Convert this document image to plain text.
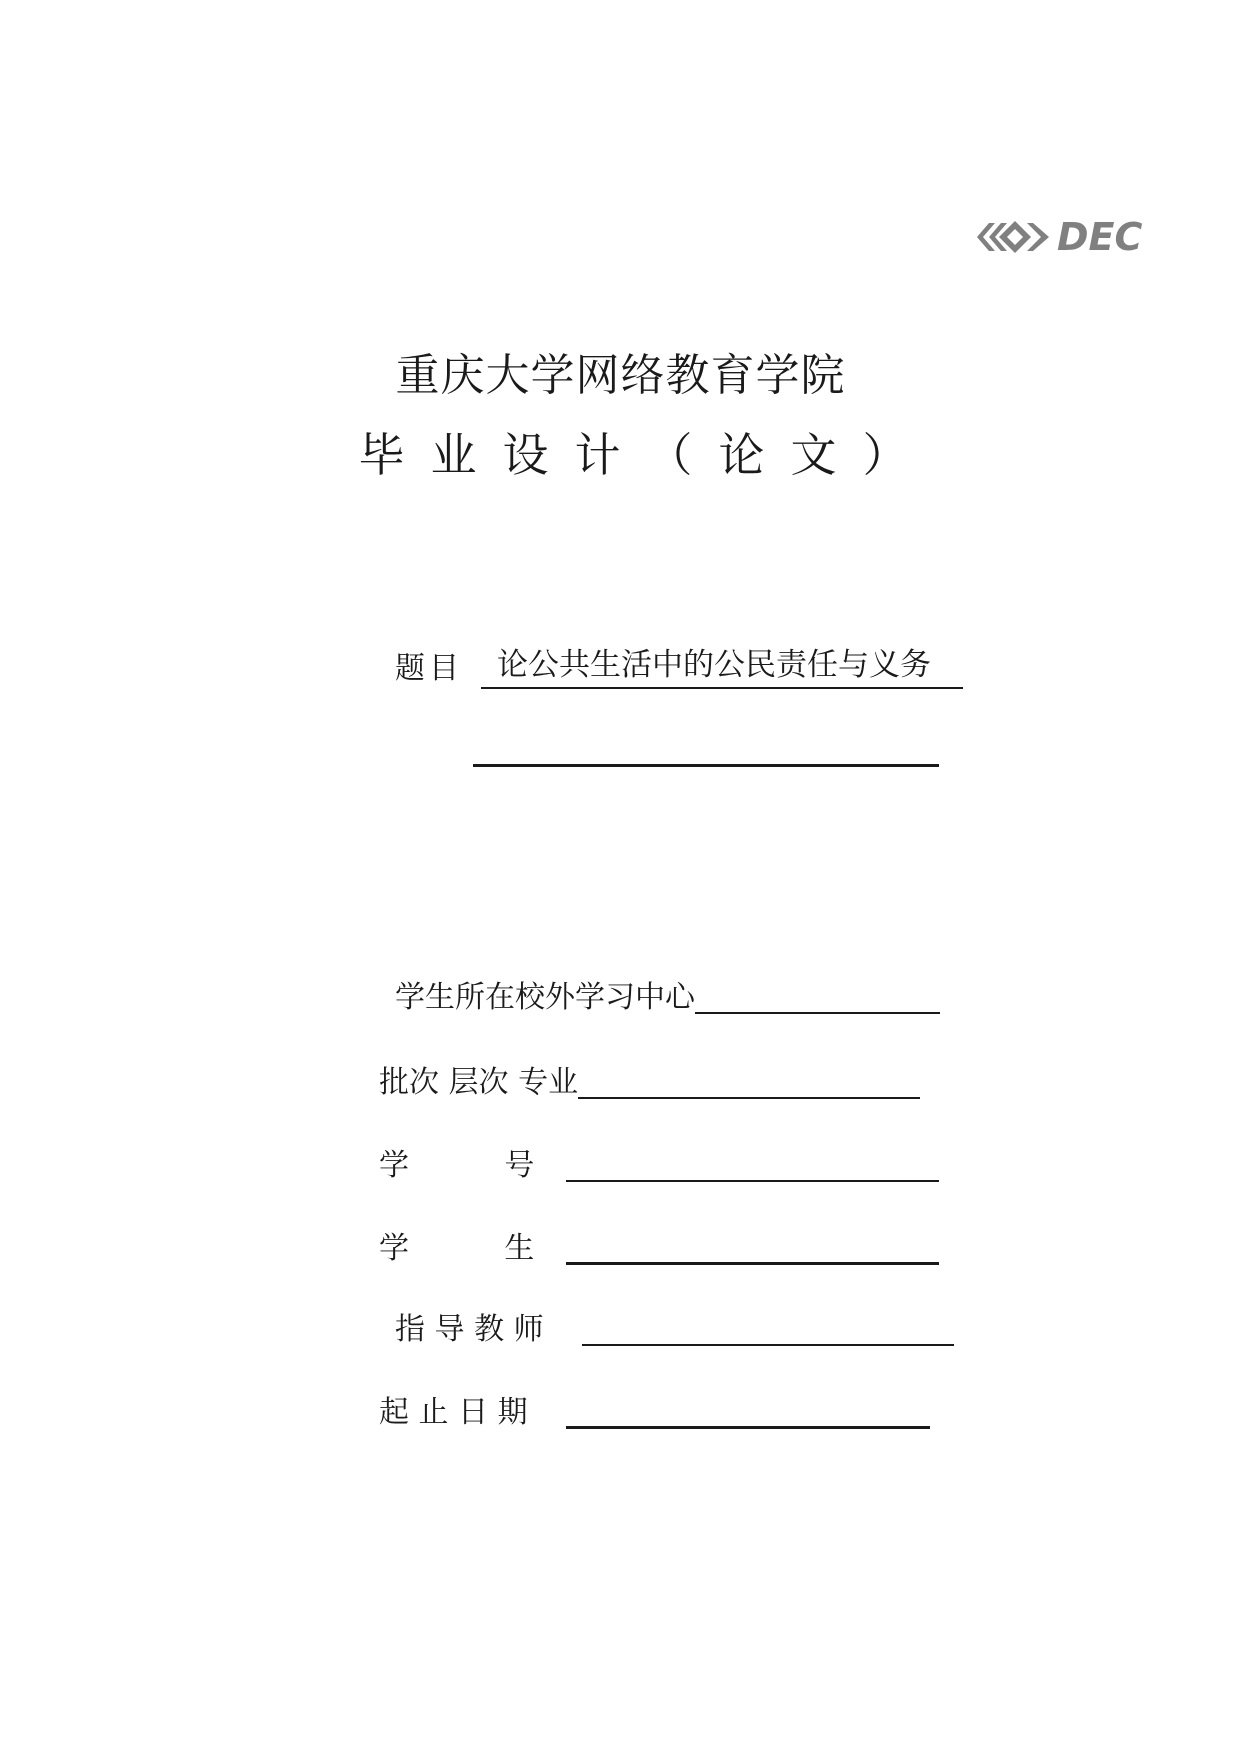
DEC
重庆大学网络教育学院
毕业设计（论文）
题目	论公共生活中的公民责任与义务
学生所在校外学习中心
批次 层次 专业
学          号
学          生
指 导 教 师
起 止 日 期
